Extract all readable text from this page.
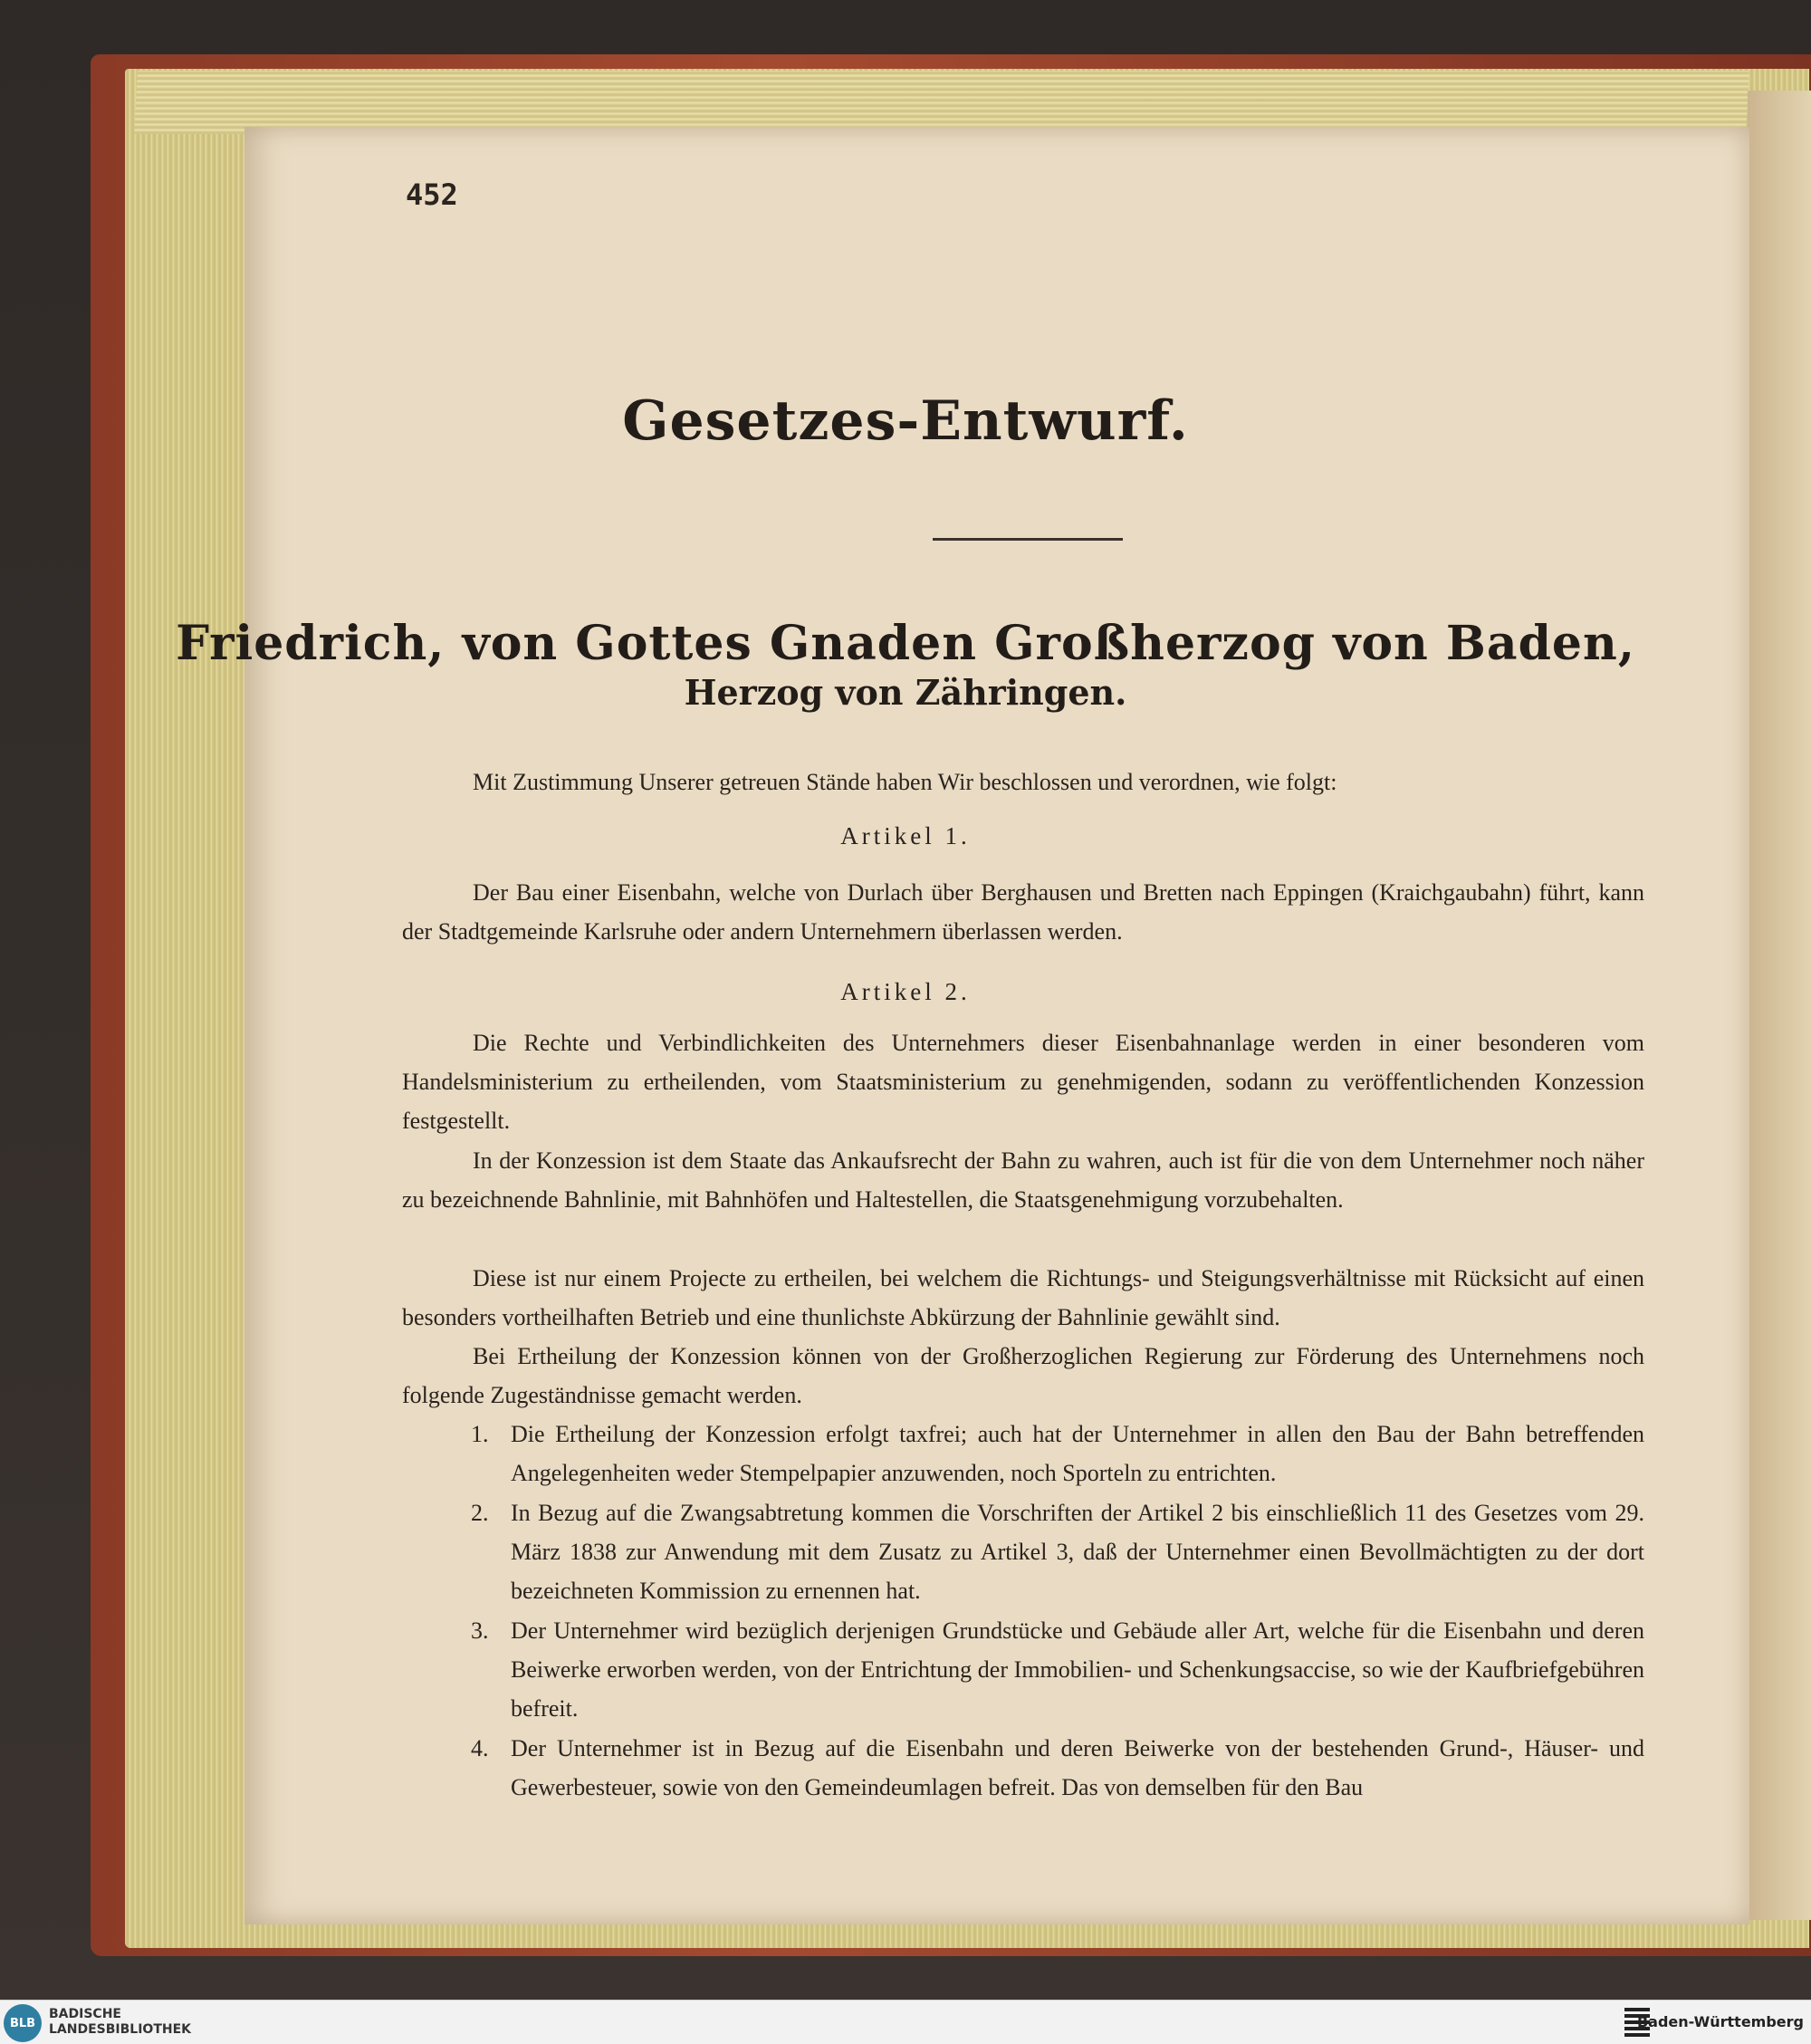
452
Gesetzes-Entwurf.
Friedrich, von Gottes Gnaden Großherzog von Baden,
Herzog von Zähringen.
Mit Zustimmung Unserer getreuen Stände haben Wir beschlossen und verordnen, wie folgt:
Artikel 1.
Der Bau einer Eisenbahn, welche von Durlach über Berghausen und Bretten nach Eppingen (Kraichgaubahn) führt, kann der Stadtgemeinde Karlsruhe oder andern Unternehmern überlassen werden.
Artikel 2.
Die Rechte und Verbindlichkeiten des Unternehmers dieser Eisenbahnanlage werden in einer besonderen vom Handelsministerium zu ertheilenden, vom Staatsministerium zu genehmigenden, sodann zu veröffentlichenden Konzession festgestellt.
In der Konzession ist dem Staate das Ankaufsrecht der Bahn zu wahren, auch ist für die von dem Unternehmer noch näher zu bezeichnende Bahnlinie, mit Bahnhöfen und Haltestellen, die Staatsgenehmigung vorzubehalten.
Diese ist nur einem Projecte zu ertheilen, bei welchem die Richtungs- und Steigungsverhältnisse mit Rücksicht auf einen besonders vortheilhaften Betrieb und eine thunlichste Abkürzung der Bahnlinie gewählt sind.
Bei Ertheilung der Konzession können von der Großherzoglichen Regierung zur Förderung des Unternehmens noch folgende Zugeständnisse gemacht werden.
1. Die Ertheilung der Konzession erfolgt taxfrei; auch hat der Unternehmer in allen den Bau der Bahn betreffenden Angelegenheiten weder Stempelpapier anzuwenden, noch Sporteln zu entrichten.
2. In Bezug auf die Zwangsabtretung kommen die Vorschriften der Artikel 2 bis einschließlich 11 des Gesetzes vom 29. März 1838 zur Anwendung mit dem Zusatz zu Artikel 3, daß der Unternehmer einen Bevollmächtigten zu der dort bezeichneten Kommission zu ernennen hat.
3. Der Unternehmer wird bezüglich derjenigen Grundstücke und Gebäude aller Art, welche für die Eisenbahn und deren Beiwerke erworben werden, von der Entrichtung der Immobilien- und Schenkungsaccise, so wie der Kaufbriefgebühren befreit.
4. Der Unternehmer ist in Bezug auf die Eisenbahn und deren Beiwerke von der bestehenden Grund-, Häuser- und Gewerbesteuer, sowie von den Gemeindeumlagen befreit. Das von demselben für den Bau
BLB
BADISCHE LANDESBIBLIOTHEK	Baden-Württemberg
